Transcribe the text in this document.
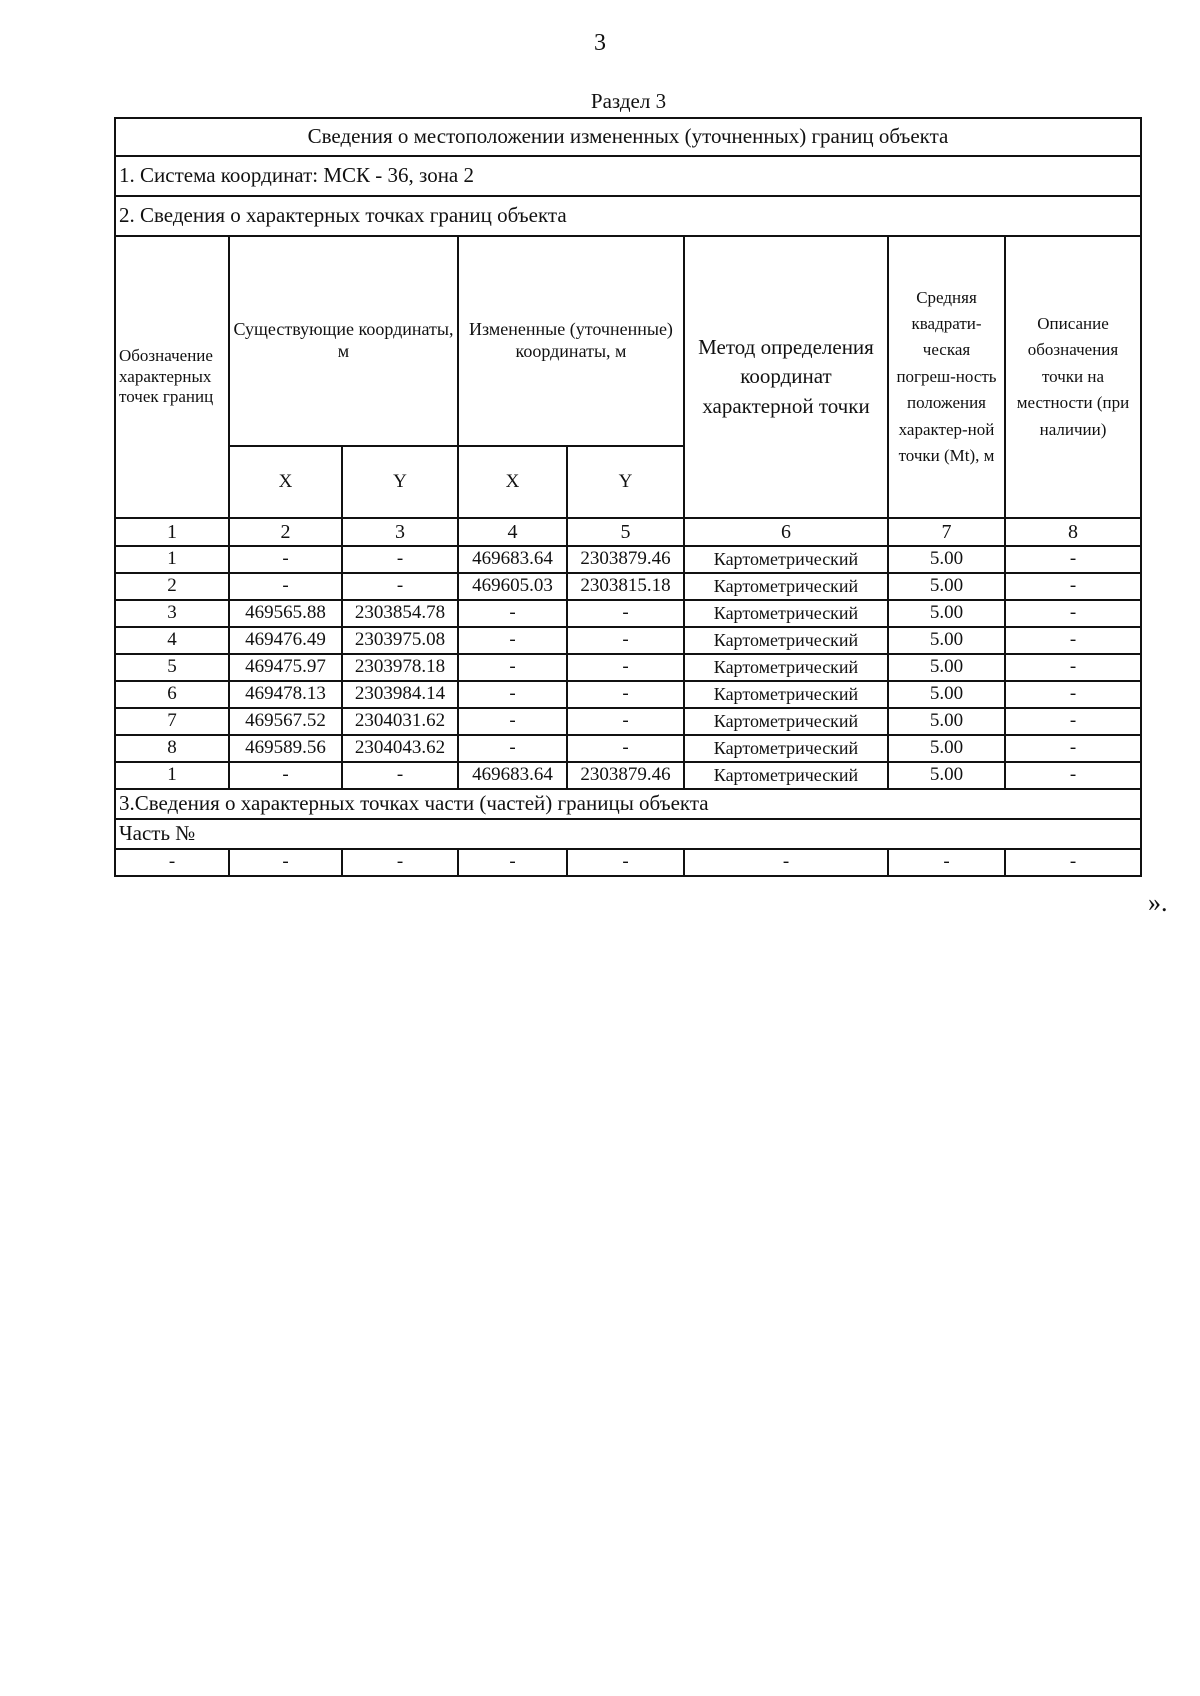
3
Раздел 3
Сведения о местоположении измененных (уточненных) границ объекта							
1. Система координат: МСК - 36, зона 2							
2. Сведения о характерных точках границ объекта							
Обозначение характерных точек границ	Существующие координаты, м		Измененные (уточненные) координаты, м		Метод определения координат характерной точки	Средняя квадрати-ческая погреш-ность положения характер-ной точки (Mt), м	Описание обозначения точки на местности (при наличии)
	X	Y	X	Y			
1	2	3	4	5	6	7	8
1	-	-	469683.64	2303879.46	Картометрический	5.00	-
2	-	-	469605.03	2303815.18	Картометрический	5.00	-
3	469565.88	2303854.78	-	-	Картометрический	5.00	-
4	469476.49	2303975.08	-	-	Картометрический	5.00	-
5	469475.97	2303978.18	-	-	Картометрический	5.00	-
6	469478.13	2303984.14	-	-	Картометрический	5.00	-
7	469567.52	2304031.62	-	-	Картометрический	5.00	-
8	469589.56	2304043.62	-	-	Картометрический	5.00	-
1	-	-	469683.64	2303879.46	Картометрический	5.00	-
3.Сведения о характерных точках части (частей) границы объекта							
Часть №							
-	-	-	-	-	-	-	-
».
